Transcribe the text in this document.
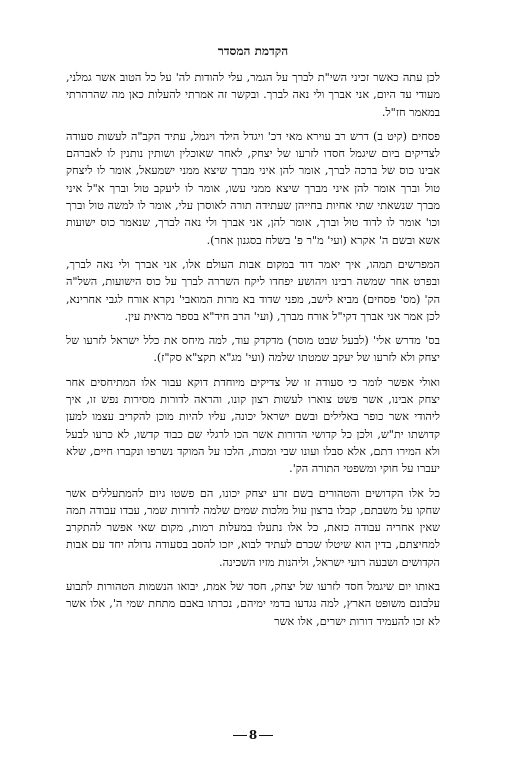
הקדמת המסדר

לכן עתה כאשר זכיני השי"ת לברך על הגמר, עלי להודות לה' על כל הטוב אשר גמלני, מעודי עד היום, אני אברך ולי נאה לברך. ובקשר זה אמרתי להעלות כאן מה שהרהרתי במאמר חז"ל.

פסחים (קיט ב) דרש רב עוירא מאי דכ' ויגדל הילד ויגמל, עתיד הקב"ה לעשות סעודה לצדיקים ביום שיגמל חסדו לזרעו של יצחק, לאחר שאוכלין ושותין נותנין לו לאברהם אבינו כוס של ברכה לברך, אומר להן איני מברך שיצא ממני ישמעאל, אומר לו ליצחק טול וברך אומר להן איני מברך שיצא ממני עשו, אומר לו ליעקב טול וברך א"ל איני מברך שנשאתי שתי אחיות בחייהן שעתידה תורה לאוסרן עלי, אומר לו למשה טול וברך וכו' אומר לו לדוד טול וברך, אומר להן, אני אברך ולי נאה לברך, שנאמר כוס ישועות אשא ובשם ה' אקרא (ועי' מ"ר פ' בשלח בסגנון אחר).

המפרשים תמהו, איך יאמר דוד במקום אבות העולם אלו, אני אברך ולי נאה לברך, ובפרט אחר שמשה רבינו ויהושע יפחדו ליקח השררה לברך על כוס הישועות, השל"ה הק' (מס' פסחים) מביא לישב, מפני שדוד בא מרות המואבי' נקרא אורח לגבי אחרינא, לכן אמר אני אברך דקי"ל אורח מברך, (ועי' הרב חיד"א בספר מראית עין.

בס' מדרש אלי' (לבעל שבט מוסר) מדקדק עוד, למה מיחס את כלל ישראל לזרעו של יצחק ולא לזרעו של יעקב שמטתו שלמה (ועי' מג"א תקצ"א סק"ז).

ואולי אפשר לומר כי סעודה זו של צדיקים מיוחדת דוקא עבור אלו המתיחסים אחר יצחק אבינו, אשר פשט צוארו לעשות רצון קונו, והראה לדורות מסירות נפש זו, איך ליהודי אשר כופר באלילים ובשם ישראל יכונה, עליו להיות מוכן להקריב עצמו למען קדושתו ית"ש, ולכן כל קדושי הדורות אשר הכו לרגלי שם כבוד קדשו, לא כרעו לבעל ולא המירו דתם, אלא סבלו ועונו שבי ומכות, הלכו על המוקד נשרפו ונקברו חיים, שלא יעברו על חוקי ומשפטי התורה הק'.

כל אלו הקדושים והטהורים בשם זרע יצחק יכונו, הם פשטו גיום להמתעללים אשר שחקו על משבתם, קבלו ברצון עול מלכות שמים שלמה לדורות שמר, עבדו עבודה תמה שאין אחריה עבודה כזאת, כל אלו נתעלו במעלות רמות, מקום שאי אפשר להתקרב למחיצתם, בדין הוא שיטלו שכרם לעתיד לבוא, יזכו להסב בסעודה גדולה יחד עם אבות הקדושים ושבעה רועי ישראל, וליהנות מזיו השכינה.

באותו יום שיגמל חסד לזרעו של יצחק, חסד של אמת, יבואו הנשמות הטהורות לתבוע עלבונם משופט הארץ, למה נגדעו בדמי ימיהם, נכרתו באבם מתחת שמי ה', אלו אשר לא זכו להעמיד דורות ישרים, אלו אשר

8
